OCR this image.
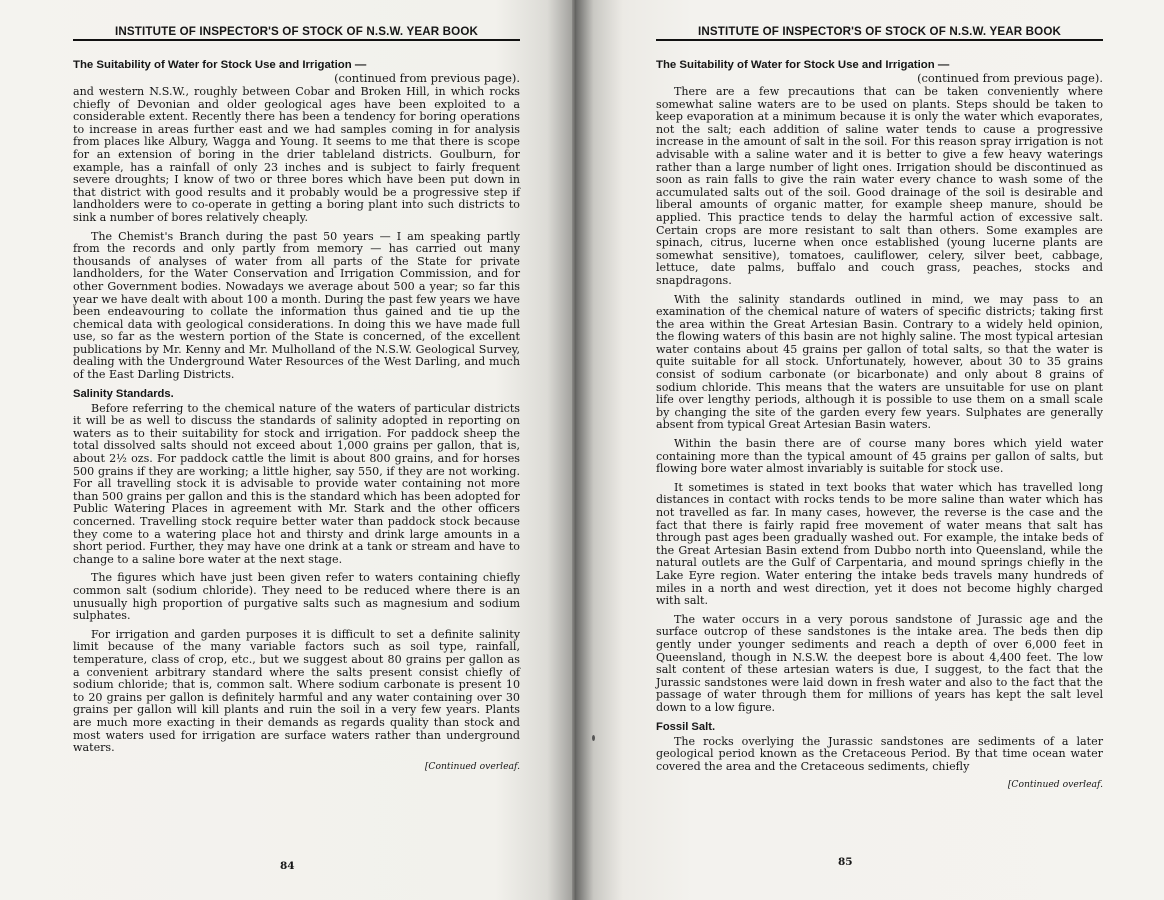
INSTITUTE OF INSPECTOR'S OF STOCK OF N.S.W. YEAR BOOK
The Suitability of Water for Stock Use and Irrigation —
(continued from previous page).

and western N.S.W., roughly between Cobar and Broken Hill, in which rocks chiefly of Devonian and older geological ages have been exploited to a considerable extent. Recently there has been a tendency for boring operations to increase in areas further east and we had samples coming in for analysis from places like Albury, Wagga and Young. It seems to me that there is scope for an extension of boring in the drier tableland districts. Goulburn, for example, has a rainfall of only 23 inches and is subject to fairly frequent severe droughts; I know of two or three bores which have been put down in that district with good results and it probably would be a progressive step if landholders were to co-operate in getting a boring plant into such districts to sink a number of bores relatively cheaply.

The Chemist's Branch during the past 50 years — I am speaking partly from the records and only partly from memory — has carried out many thousands of analyses of water from all parts of the State for private landholders, for the Water Conservation and Irrigation Commission, and for other Government bodies. Nowadays we average about 500 a year; so far this year we have dealt with about 100 a month. During the past few years we have been endeavouring to collate the information thus gained and tie up the chemical data with geological considerations. In doing this we have made full use, so far as the western portion of the State is concerned, of the excellent publications by Mr. Kenny and Mr. Mulholland of the N.S.W. Geological Survey, dealing with the Underground Water Resources of the West Darling, and much of the East Darling Districts.

Salinity Standards.

Before referring to the chemical nature of the waters of particular districts it will be as well to discuss the standards of salinity adopted in reporting on waters as to their suitability for stock and irrigation. For paddock sheep the total dissolved salts should not exceed about 1,000 grains per gallon, that is, about 2½ ozs. For paddock cattle the limit is about 800 grains, and for horses 500 grains if they are working; a little higher, say 550, if they are not working. For all travelling stock it is advisable to provide water containing not more than 500 grains per gallon and this is the standard which has been adopted for Public Watering Places in agreement with Mr. Stark and the other officers concerned. Travelling stock require better water than paddock stock because they come to a watering place hot and thirsty and drink large amounts in a short period. Further, they may have one drink at a tank or stream and have to change to a saline bore water at the next stage.

The figures which have just been given refer to waters containing chiefly common salt (sodium chloride). They need to be reduced where there is an unusually high proportion of purgative salts such as magnesium and sodium sulphates.

For irrigation and garden purposes it is difficult to set a definite salinity limit because of the many variable factors such as soil type, rainfall, temperature, class of crop, etc., but we suggest about 80 grains per gallon as a convenient arbitrary standard where the salts present consist chiefly of sodium chloride; that is, common salt. Where sodium carbonate is present 10 to 20 grains per gallon is definitely harmful and any water containing over 30 grains per gallon will kill plants and ruin the soil in a very few years. Plants are much more exacting in their demands as regards quality than stock and most waters used for irrigation are surface waters rather than underground waters.

[Continued overleaf.
84
INSTITUTE OF INSPECTOR'S OF STOCK OF N.S.W. YEAR BOOK
The Suitability of Water for Stock Use and Irrigation —
(continued from previous page).

There are a few precautions that can be taken conveniently where somewhat saline waters are to be used on plants. Steps should be taken to keep evaporation at a minimum because it is only the water which evaporates, not the salt; each addition of saline water tends to cause a progressive increase in the amount of salt in the soil. For this reason spray irrigation is not advisable with a saline water and it is better to give a few heavy waterings rather than a large number of light ones. Irrigation should be discontinued as soon as rain falls to give the rain water every chance to wash some of the accumulated salts out of the soil. Good drainage of the soil is desirable and liberal amounts of organic matter, for example sheep manure, should be applied. This practice tends to delay the harmful action of excessive salt. Certain crops are more resistant to salt than others. Some examples are spinach, citrus, lucerne when once established (young lucerne plants are somewhat sensitive), tomatoes, cauliflower, celery, silver beet, cabbage, lettuce, date palms, buffalo and couch grass, peaches, stocks and snapdragons.

With the salinity standards outlined in mind, we may pass to an examination of the chemical nature of waters of specific districts; taking first the area within the Great Artesian Basin. Contrary to a widely held opinion, the flowing waters of this basin are not highly saline. The most typical artesian water contains about 45 grains per gallon of total salts, so that the water is quite suitable for all stock. Unfortunately, however, about 30 to 35 grains consist of sodium carbonate (or bicarbonate) and only about 8 grains of sodium chloride. This means that the waters are unsuitable for use on plant life over lengthy periods, although it is possible to use them on a small scale by changing the site of the garden every few years. Sulphates are generally absent from typical Great Artesian Basin waters.

Within the basin there are of course many bores which yield water containing more than the typical amount of 45 grains per gallon of salts, but flowing bore water almost invariably is suitable for stock use.

It sometimes is stated in text books that water which has travelled long distances in contact with rocks tends to be more saline than water which has not travelled as far. In many cases, however, the reverse is the case and the fact that there is fairly rapid free movement of water means that salt has through past ages been gradually washed out. For example, the intake beds of the Great Artesian Basin extend from Dubbo north into Queensland, while the natural outlets are the Gulf of Carpentaria, and mound springs chiefly in the Lake Eyre region. Water entering the intake beds travels many hundreds of miles in a north and west direction, yet it does not become highly charged with salt.

The water occurs in a very porous sandstone of Jurassic age and the surface outcrop of these sandstones is the intake area. The beds then dip gently under younger sediments and reach a depth of over 6,000 feet in Queensland, though in N.S.W. the deepest bore is about 4,400 feet. The low salt content of these artesian waters is due, I suggest, to the fact that the Jurassic sandstones were laid down in fresh water and also to the fact that the passage of water through them for millions of years has kept the salt level down to a low figure.

Fossil Salt.

The rocks overlying the Jurassic sandstones are sediments of a later geological period known as the Cretaceous Period. By that time ocean water covered the area and the Cretaceous sediments, chiefly

[Continued overleaf.
85
